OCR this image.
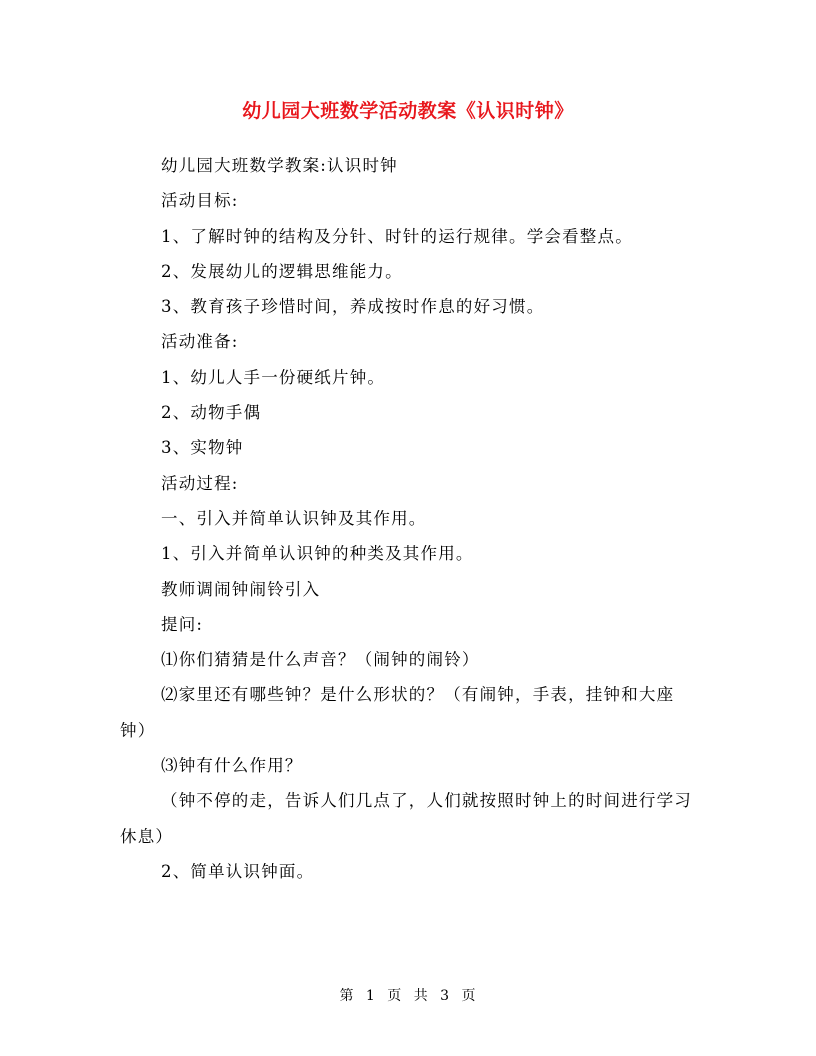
幼儿园大班数学活动教案《认识时钟》

幼儿园大班数学教案:认识时钟

活动目标:

1、了解时钟的结构及分针、时针的运行规律。学会看整点。

2、发展幼儿的逻辑思维能力。

3、教育孩子珍惜时间，养成按时作息的好习惯。

活动准备:

1、幼儿人手一份硬纸片钟。

2、动物手偶

3、实物钟

活动过程:

一、引入并简单认识钟及其作用。

1、引入并简单认识钟的种类及其作用。

教师调闹钟闹铃引入

提问:

⑴你们猜猜是什么声音？（闹钟的闹铃）

⑵家里还有哪些钟？是什么形状的？（有闹钟，手表，挂钟和大座钟）

⑶钟有什么作用？

（钟不停的走，告诉人们几点了，人们就按照时钟上的时间进行学习休息）

2、简单认识钟面。

第 1 页 共 3 页
